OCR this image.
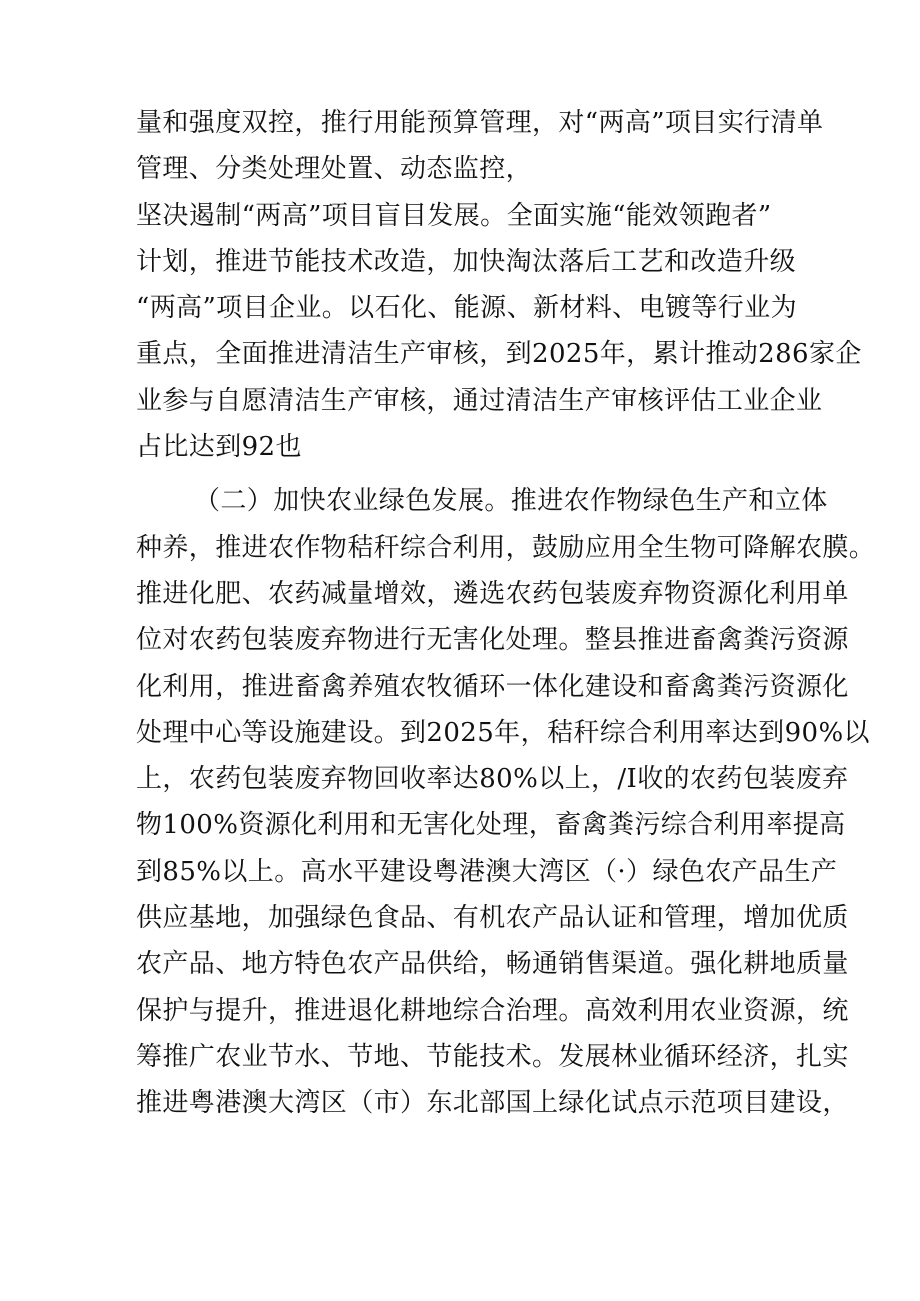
量和强度双控，推行用能预算管理，对“两高”项目实行清单
管理、分类处理处置、动态监控，
坚决遏制“两高”项目盲目发展。全面实施“能效领跑者”
计划，推进节能技术改造，加快淘汰落后工艺和改造升级
“两高”项目企业。以石化、能源、新材料、电镀等行业为
重点，全面推进清洁生产审核，到2025年，累计推动286家企
业参与自愿清洁生产审核，通过清洁生产审核评估工业企业
占比达到92也
（二）加快农业绿色发展。推进农作物绿色生产和立体
种养，推进农作物秸秆综合利用，鼓励应用全生物可降解农膜。
推进化肥、农药减量增效，遴选农药包装废弃物资源化利用单
位对农药包装废弃物进行无害化处理。整县推进畜禽粪污资源
化利用，推进畜禽养殖农牧循环一体化建设和畜禽粪污资源化
处理中心等设施建设。到2025年，秸秆综合利用率达到90%以
上，农药包装废弃物回收率达80%以上，/I收的农药包装废弃
物100%资源化利用和无害化处理，畜禽粪污综合利用率提高
到85%以上。高水平建设粤港澳大湾区（·）绿色农产品生产
供应基地，加强绿色食品、有机农产品认证和管理，增加优质
农产品、地方特色农产品供给，畅通销售渠道。强化耕地质量
保护与提升，推进退化耕地综合治理。高效利用农业资源，统
筹推广农业节水、节地、节能技术。发展林业循环经济，扎实
推进粤港澳大湾区（市）东北部国上绿化试点示范项目建设，
